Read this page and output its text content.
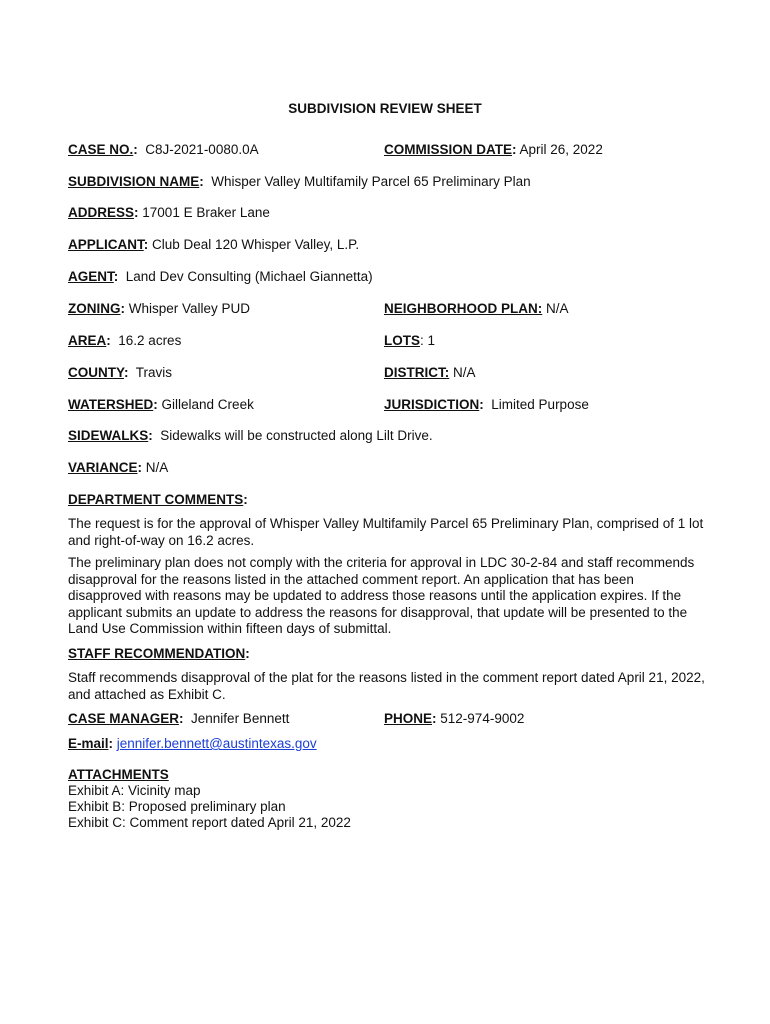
SUBDIVISION REVIEW SHEET
CASE NO.: C8J-2021-0080.0A	COMMISSION DATE: April 26, 2022
SUBDIVISION NAME: Whisper Valley Multifamily Parcel 65 Preliminary Plan
ADDRESS: 17001 E Braker Lane
APPLICANT: Club Deal 120 Whisper Valley, L.P.
AGENT: Land Dev Consulting (Michael Giannetta)
ZONING: Whisper Valley PUD	NEIGHBORHOOD PLAN: N/A
AREA: 16.2 acres	LOTS: 1
COUNTY: Travis	DISTRICT: N/A
WATERSHED: Gilleland Creek	JURISDICTION: Limited Purpose
SIDEWALKS: Sidewalks will be constructed along Lilt Drive.
VARIANCE: N/A
DEPARTMENT COMMENTS:

The request is for the approval of Whisper Valley Multifamily Parcel 65 Preliminary Plan, comprised of 1 lot and right-of-way on 16.2 acres.

The preliminary plan does not comply with the criteria for approval in LDC 30-2-84 and staff recommends disapproval for the reasons listed in the attached comment report. An application that has been disapproved with reasons may be updated to address those reasons until the application expires. If the applicant submits an update to address the reasons for disapproval, that update will be presented to the Land Use Commission within fifteen days of submittal.

STAFF RECOMMENDATION:

Staff recommends disapproval of the plat for the reasons listed in the comment report dated April 21, 2022, and attached as Exhibit C.

CASE MANAGER: Jennifer Bennett	PHONE: 512-974-9002
E-mail: jennifer.bennett@austintexas.gov
ATTACHMENTS
Exhibit A: Vicinity map
Exhibit B: Proposed preliminary plan
Exhibit C: Comment report dated April 21, 2022
